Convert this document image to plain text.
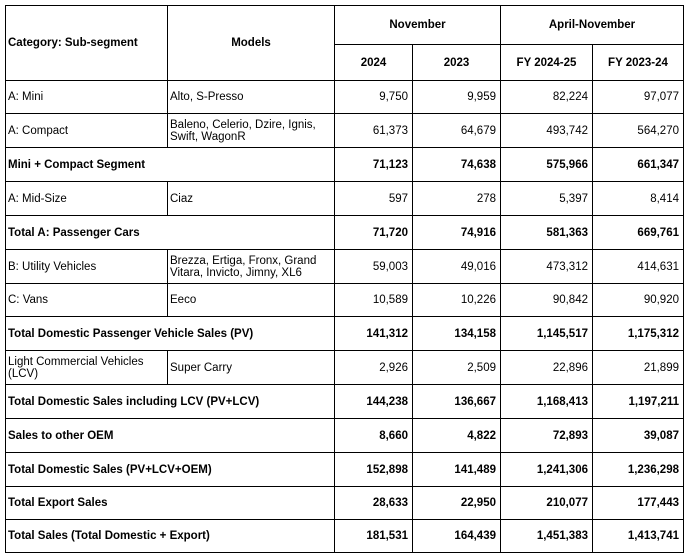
Category: Sub-segment	Models	November		April-November	
		2024	2023	FY 2024-25	FY 2023-24
A: Mini	Alto, S-Presso	9,750	9,959	82,224	97,077
A: Compact	Baleno, Celerio, Dzire, Ignis, Swift, WagonR	61,373	64,679	493,742	564,270
Mini + Compact Segment		71,123	74,638	575,966	661,347
A: Mid-Size	Ciaz	597	278	5,397	8,414
Total A: Passenger Cars		71,720	74,916	581,363	669,761
B: Utility Vehicles	Brezza, Ertiga, Fronx, Grand Vitara, Invicto, Jimny, XL6	59,003	49,016	473,312	414,631
C: Vans	Eeco	10,589	10,226	90,842	90,920
Total Domestic Passenger Vehicle Sales (PV)		141,312	134,158	1,145,517	1,175,312
Light Commercial Vehicles (LCV)	Super Carry	2,926	2,509	22,896	21,899
Total Domestic Sales including LCV (PV+LCV)		144,238	136,667	1,168,413	1,197,211
Sales to other OEM		8,660	4,822	72,893	39,087
Total Domestic Sales (PV+LCV+OEM)		152,898	141,489	1,241,306	1,236,298
Total Export Sales		28,633	22,950	210,077	177,443
Total Sales (Total Domestic + Export)		181,531	164,439	1,451,383	1,413,741
